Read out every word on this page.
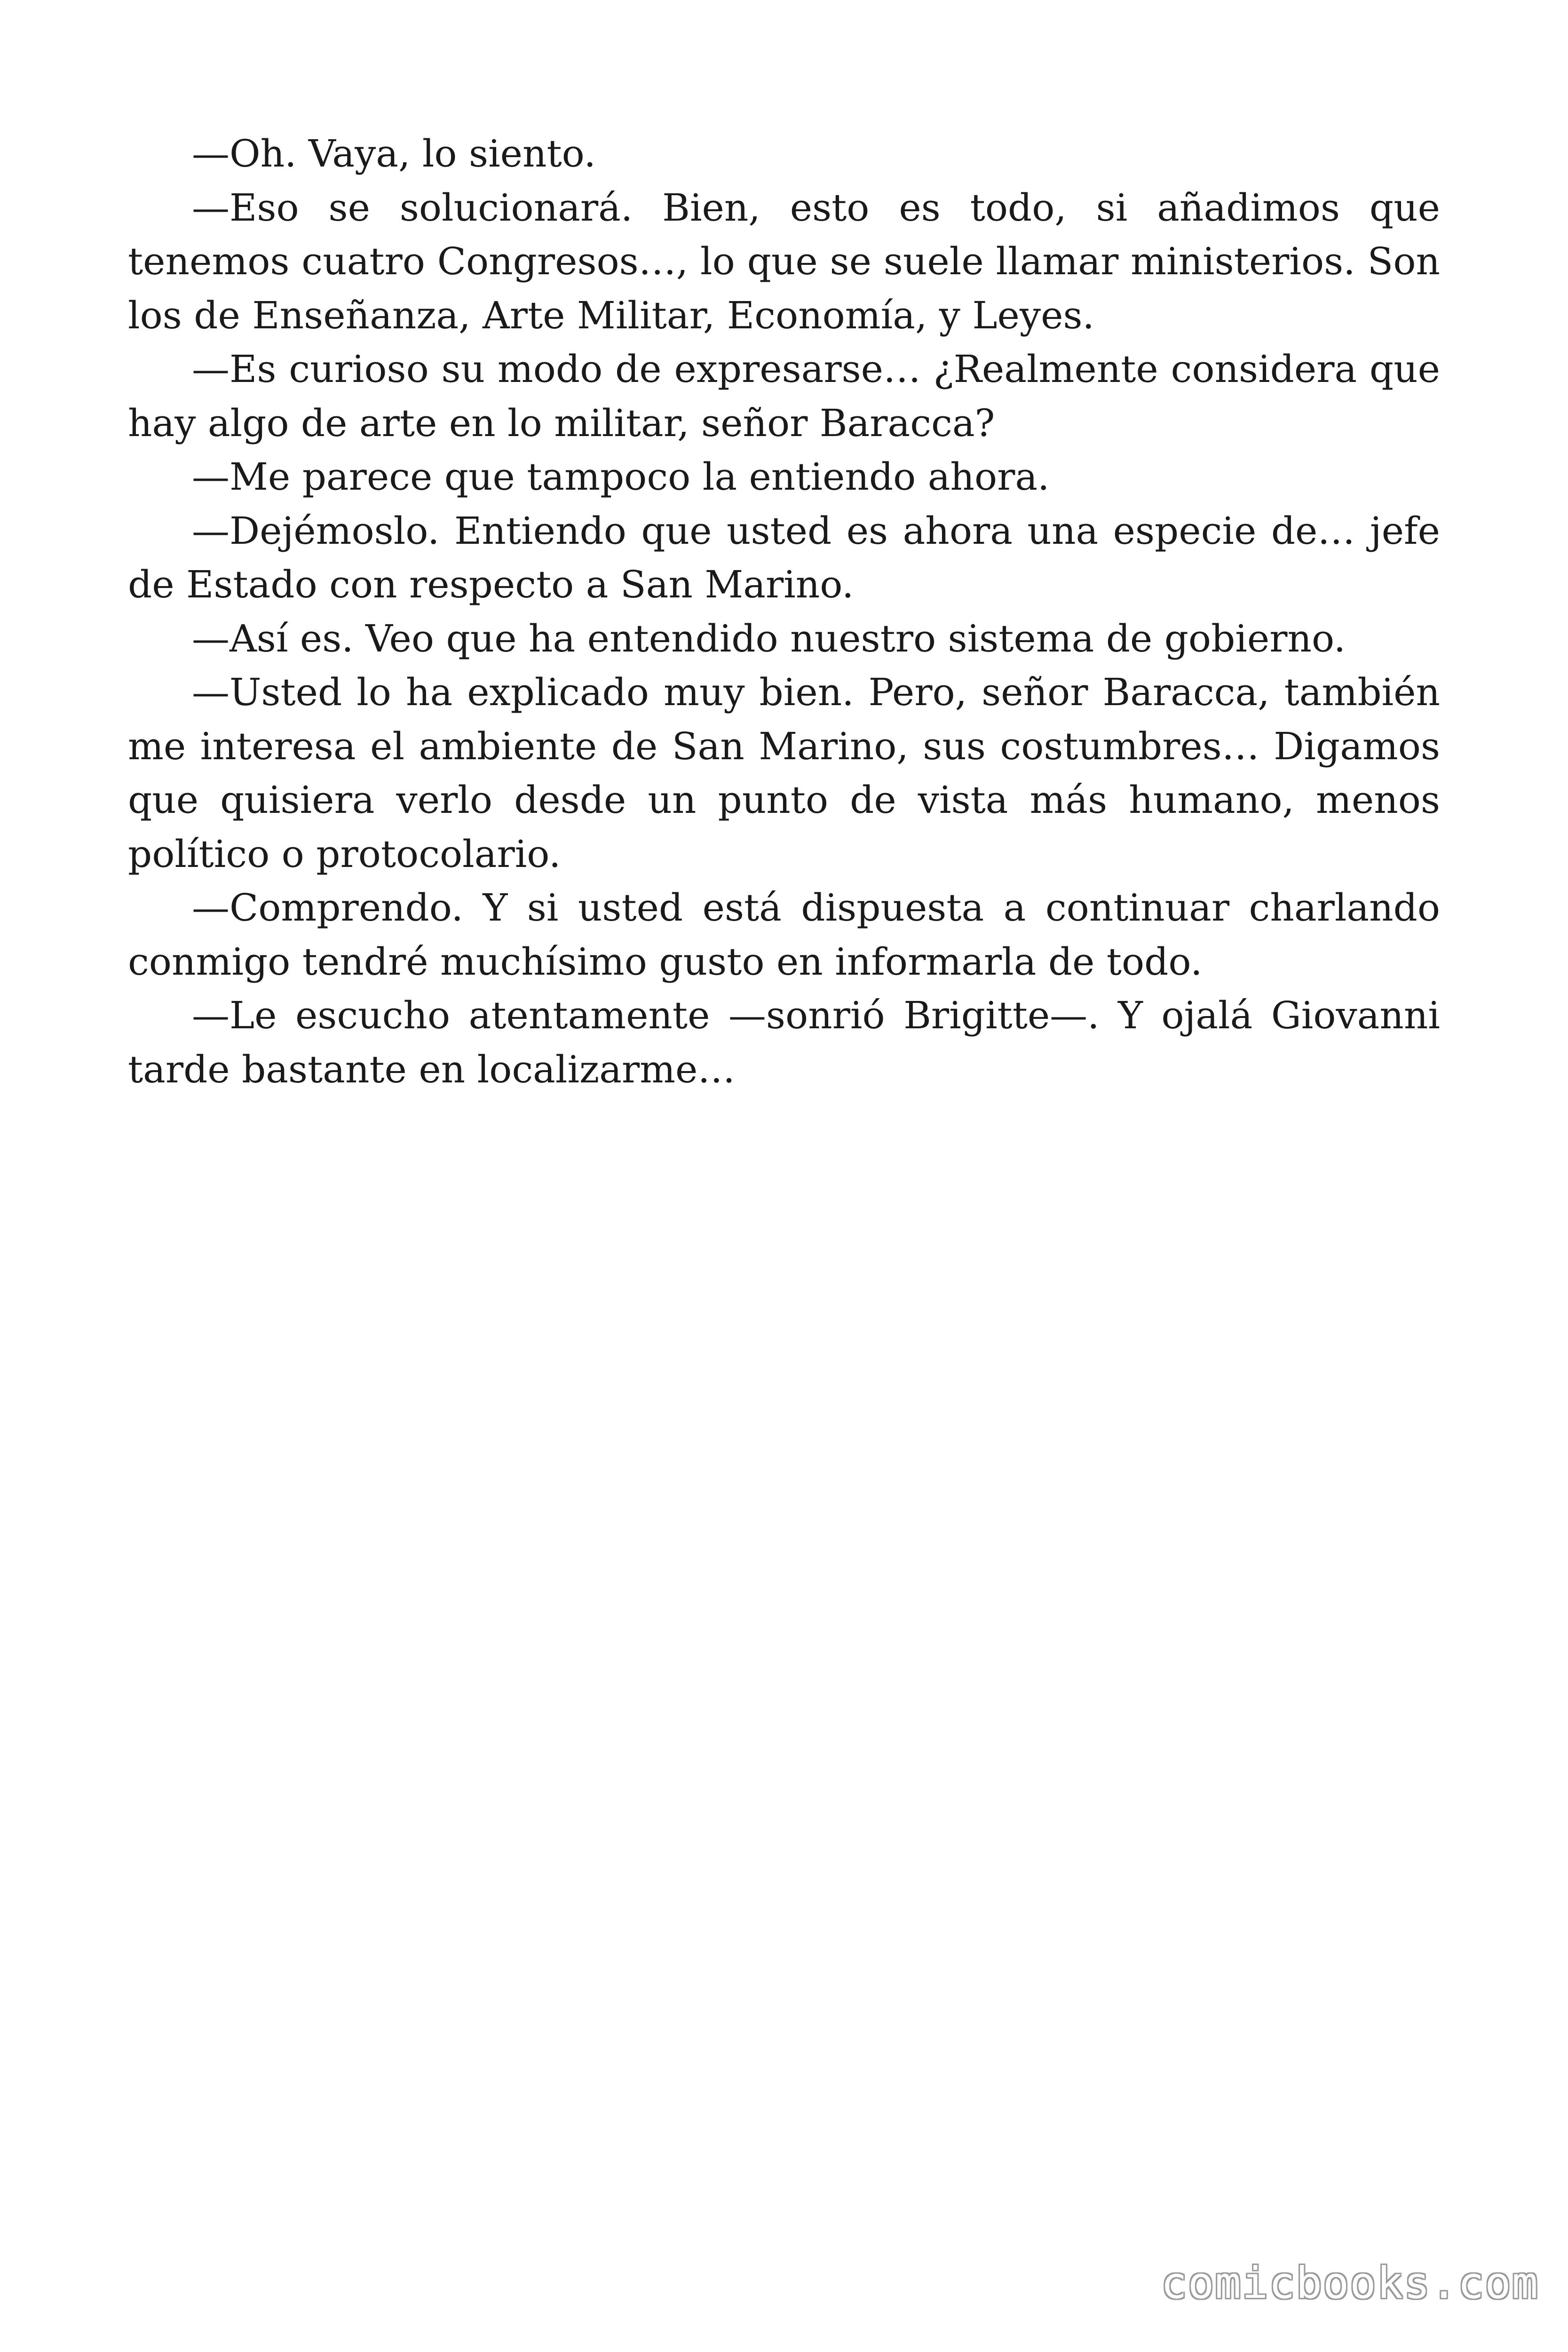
—Oh. Vaya, lo siento.

—Eso se solucionará. Bien, esto es todo, si añadimos que tenemos cuatro Congresos…, lo que se suele llamar ministerios. Son los de Enseñanza, Arte Militar, Economía, y Leyes.

—Es curioso su modo de expresarse… ¿Realmente considera que hay algo de arte en lo militar, señor Baracca?

—Me parece que tampoco la entiendo ahora.

—Dejémoslo. Entiendo que usted es ahora una especie de… jefe de Estado con respecto a San Marino.

—Así es. Veo que ha entendido nuestro sistema de gobierno.

—Usted lo ha explicado muy bien. Pero, señor Baracca, también me interesa el ambiente de San Marino, sus costumbres… Digamos que quisiera verlo desde un punto de vista más humano, menos político o protocolario.

—Comprendo. Y si usted está dispuesta a continuar charlando conmigo tendré muchísimo gusto en informarla de todo.

—Le escucho atentamente —sonrió Brigitte—. Y ojalá Giovanni tarde bastante en localizarme…

comicbooks.com
